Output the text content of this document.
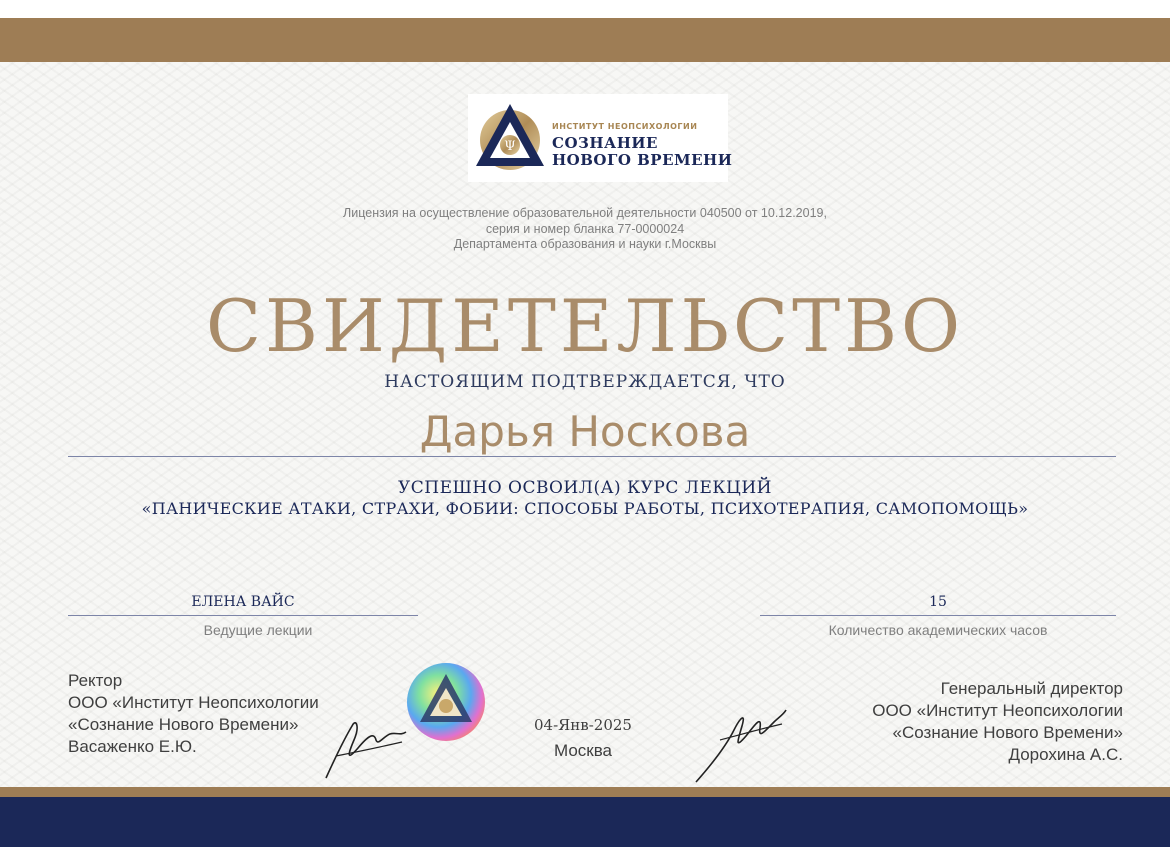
Ψ
ИНСТИТУТ НЕОПСИХОЛОГИИ
СОЗНАНИЕ
НОВОГО ВРЕМЕНИ
Лицензия на осуществление образовательной деятельности 040500 от 10.12.2019,
серия и номер бланка 77-0000024
Департамента образования и науки г.Москвы
СВИДЕТЕЛЬСТВО
НАСТОЯЩИМ ПОДТВЕРЖДАЕТСЯ, ЧТО
Дарья Носкова
УСПЕШНО ОСВОИЛ(А) КУРС ЛЕКЦИЙ
«ПАНИЧЕСКИЕ АТАКИ, СТРАХИ, ФОБИИ: СПОСОБЫ РАБОТЫ, ПСИХОТЕРАПИЯ, САМОПОМОЩЬ»
ЕЛЕНА ВАЙС
Ведущие лекции
15
Количество академических часов
Ректор
ООО «Институт Неопсихологии
«Сознание Нового Времени»
Васаженко Е.Ю.
04-Янв-2025
Москва
Генеральный директор
ООО «Институт Неопсихологии
«Сознание Нового Времени»
Дорохина А.С.
